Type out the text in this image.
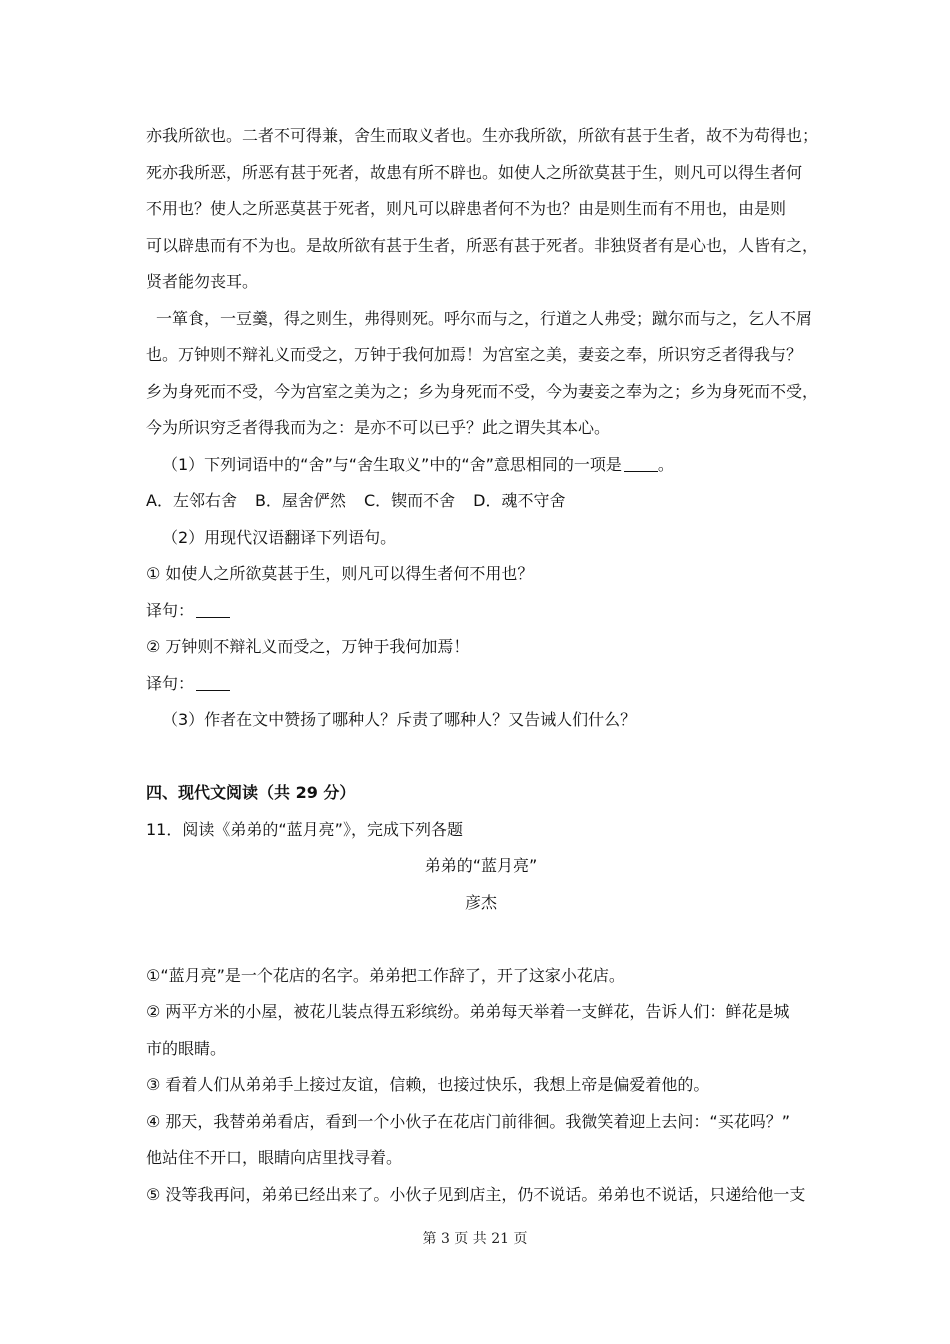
亦我所欲也。二者不可得兼，舍生而取义者也。生亦我所欲，所欲有甚于生者，故不为苟得也；
死亦我所恶，所恶有甚于死者，故患有所不辟也。如使人之所欲莫甚于生，则凡可以得生者何
不用也？使人之所恶莫甚于死者，则凡可以辟患者何不为也？由是则生而有不用也，由是则
可以辟患而有不为也。是故所欲有甚于生者，所恶有甚于死者。非独贤者有是心也，人皆有之，
贤者能勿丧耳。
一箪食，一豆羹，得之则生，弗得则死。呼尔而与之，行道之人弗受；蹴尔而与之，乞人不屑
也。万钟则不辩礼义而受之，万钟于我何加焉！为宫室之美，妻妾之奉，所识穷乏者得我与？
乡为身死而不受，今为宫室之美为之；乡为身死而不受，今为妻妾之奉为之；乡为身死而不受，
今为所识穷乏者得我而为之：是亦不可以已乎？此之谓失其本心。
（1）下列词语中的“舍”与“舍生取义”中的“舍”意思相同的一项是 。
A．左邻右舍 B．屋舍俨然 C．锲而不舍 D．魂不守舍
（2）用现代汉语翻译下列语句。
① 如使人之所欲莫甚于生，则凡可以得生者何不用也？
译句：
② 万钟则不辩礼义而受之，万钟于我何加焉！
译句：
（3）作者在文中赞扬了哪种人？斥责了哪种人？又告诫人们什么？
四、现代文阅读（共 29 分）
11．阅读《弟弟的“蓝月亮”》，完成下列各题
弟弟的“蓝月亮”
彦杰
①“蓝月亮”是一个花店的名字。弟弟把工作辞了，开了这家小花店。
② 两平方米的小屋，被花儿装点得五彩缤纷。弟弟每天举着一支鲜花，告诉人们：鲜花是城
市的眼睛。
③ 看着人们从弟弟手上接过友谊，信赖，也接过快乐，我想上帝是偏爱着他的。
④ 那天，我替弟弟看店，看到一个小伙子在花店门前徘徊。我微笑着迎上去问：“买花吗？”
他站住不开口，眼睛向店里找寻着。
⑤ 没等我再问，弟弟已经出来了。小伙子见到店主，仍不说话。弟弟也不说话，只递给他一支
第 3 页 共 21 页
